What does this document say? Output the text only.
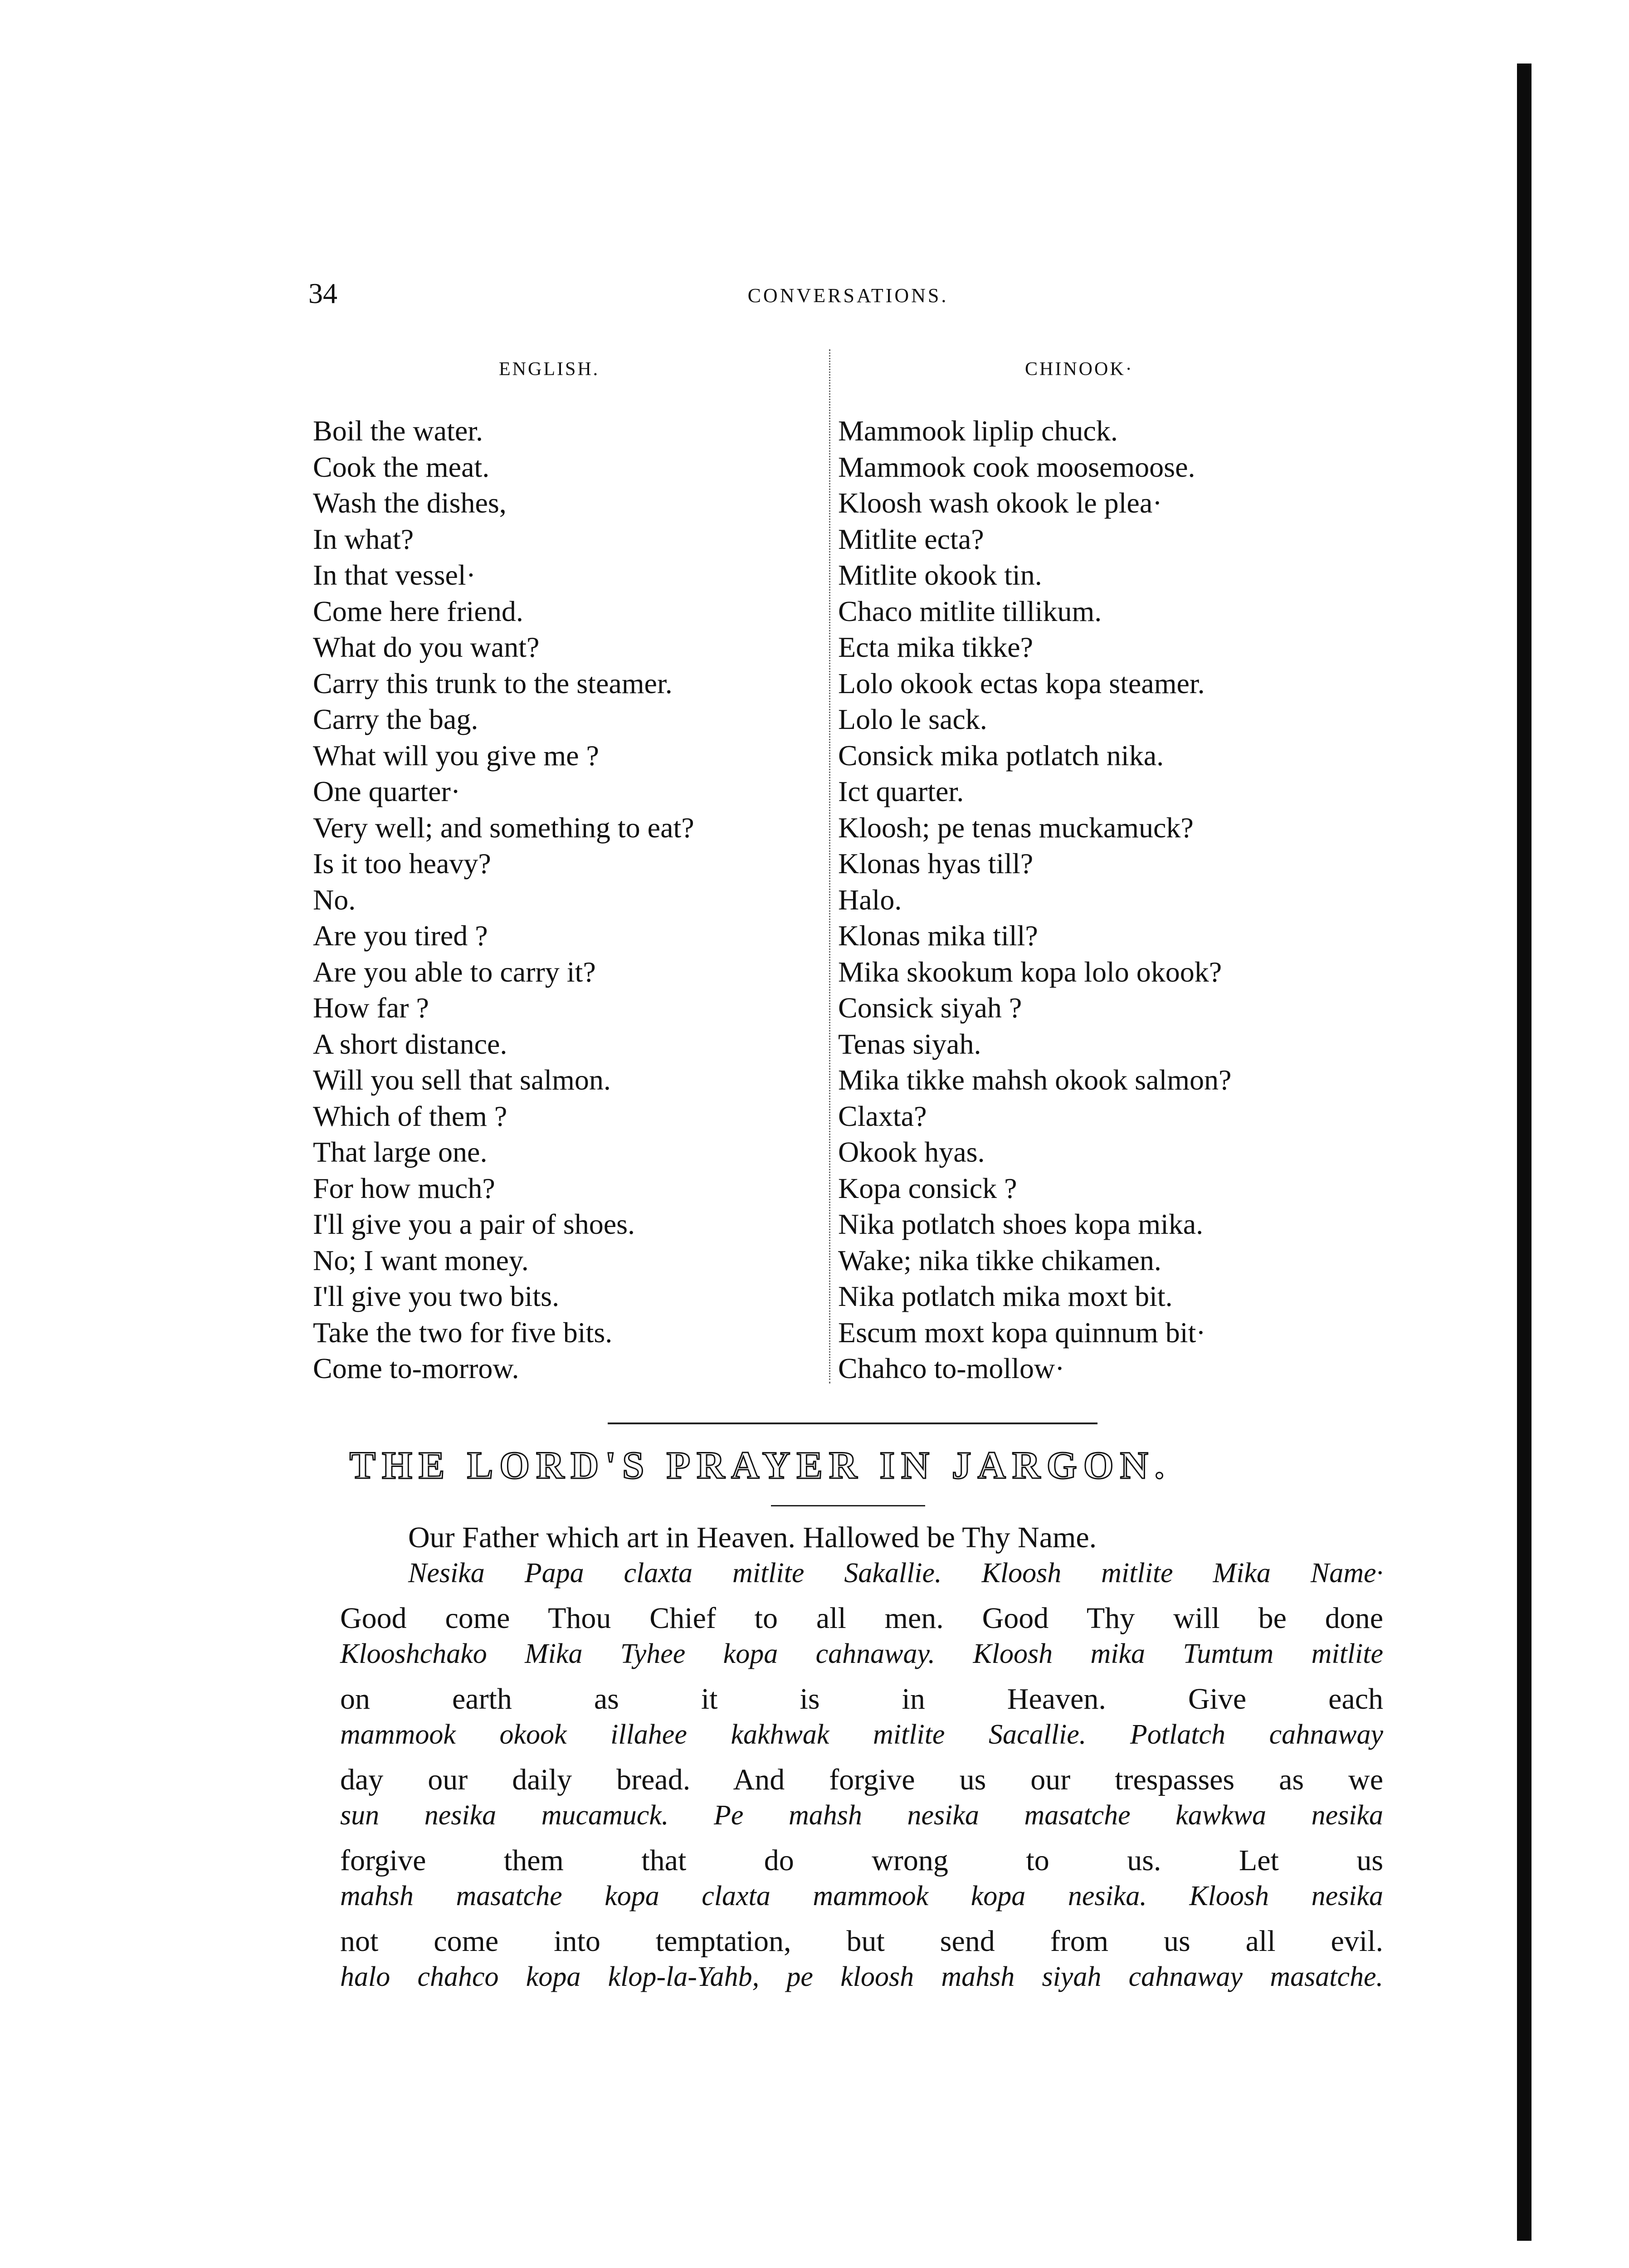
34	CONVERSATIONS.
ENGLISH.	CHINOOK·
Boil the water.
Cook the meat.
Wash the dishes,
In what?
In that vessel·
Come here friend.
What do you want?
Carry this trunk to the steamer.
Carry the bag.
What will you give me ?
One quarter·
Very well; and something to eat?
Is it too heavy?
No.
Are you tired ?
Are you able to carry it?
How far ?
A short distance.
Will you sell that salmon.
Which of them ?
That large one.
For how much?
I'll give you a pair of shoes.
No; I want money.
I'll give you two bits.
Take the two for five bits.
Come to-morrow.
Mammook liplip chuck.
Mammook cook moosemoose.
Kloosh wash okook le plea·
Mitlite ecta?
Mitlite okook tin.
Chaco mitlite tillikum.
Ecta mika tikke?
Lolo okook ectas kopa steamer.
Lolo le sack.
Consick mika potlatch nika.
Ict quarter.
Kloosh; pe tenas muckamuck?
Klonas hyas till?
Halo.
Klonas mika till?
Mika skookum kopa lolo okook?
Consick siyah ?
Tenas siyah.
Mika tikke mahsh okook salmon?
Claxta?
Okook hyas.
Kopa consick ?
Nika potlatch shoes kopa mika.
Wake; nika tikke chikamen.
Nika potlatch mika moxt bit.
Escum moxt kopa quinnum bit·
Chahco to-mollow·
THE LORD'S PRAYER IN JARGON.
Our Father which art in Heaven. Hallowed be Thy Name.
Nesika Papa claxta mitlite Sakallie. Kloosh mitlite Mika Name·
Good come Thou Chief to all men. Good Thy will be done
Klooshchako Mika Tyhee kopa cahnaway. Kloosh mika Tumtum mitlite
on earth as it is in Heaven. Give each
mammook okook illahee kakhwak mitlite Sacallie. Potlatch cahnaway
day our daily bread. And forgive us our trespasses as we
sun nesika mucamuck. Pe mahsh nesika masatche kawkwa nesika
forgive them that do wrong to us. Let us
mahsh masatche kopa claxta mammook kopa nesika. Kloosh nesika
not come into temptation, but send from us all evil.
halo chahco kopa klop-la-Yahb, pe kloosh mahsh siyah cahnaway masatche.
